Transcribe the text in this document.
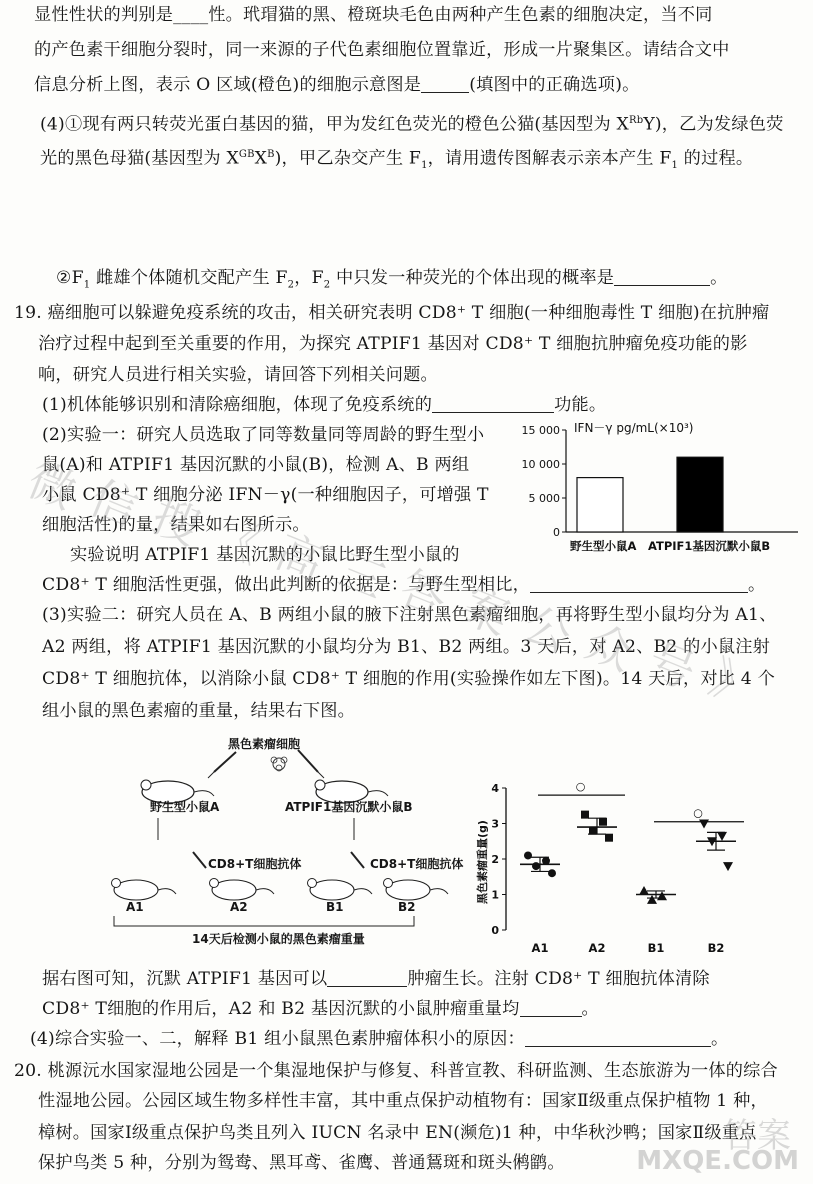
显性性状的判别是____性。玳瑁猫的黑、橙斑块毛色由两种产生色素的细胞决定，当不同
的产色素干细胞分裂时，同一来源的子代色素细胞位置靠近，形成一片聚集区。请结合文中
信息分析上图，表示 O 区域(橙色)的细胞示意图是	(填图中的正确选项)。
(4)①现有两只转荧光蛋白基因的猫，甲为发红色荧光的橙色公猫(基因型为 $X^{Rb}Y$)，乙为发绿色荧
光的黑色母猫(基因型为 $X^{GB}X^B$)，甲乙杂交产生 $F_1$，请用遗传图解表示亲本产生 $F_1$ 的过程。
$②F_1$ 雌雄个体随机交配产生 $F_2$，$F_2$ 中只发一种荧光的个体出现的概率是	。
19. 癌细胞可以躲避免疫系统的攻击，相关研究表明 CD8⁺ T 细胞(一种细胞毒性 T 细胞)在抗肿瘤
治疗过程中起到至关重要的作用，为探究 ATPIF1 基因对 CD8⁺ T 细胞抗肿瘤免疫功能的影
响，研究人员进行相关实验，请回答下列相关问题。
(1)机体能够识别和清除癌细胞，体现了免疫系统的	功能。
(2)实验一：研究人员选取了同等数量同等周龄的野生型小
鼠(A)和 ATPIF1 基因沉默的小鼠(B)，检测 A、B 两组
小鼠 CD8⁺ T 细胞分泌 IFN－γ(一种细胞因子，可增强 T
细胞活性)的量，结果如右图所示。
实验说明 ATPIF1 基因沉默的小鼠比野生型小鼠的
CD8⁺ T 细胞活性更强，做出此判断的依据是：与野生型相比，	。
IFN－γ pg/mL(×10³)
15 000
10 000
5 000
0
野生型小鼠A ATPIF1基因沉默小鼠B
(3)实验二：研究人员在 A、B 两组小鼠的腋下注射黑色素瘤细胞，再将野生型小鼠均分为 A1、
A2 两组，将 ATPIF1 基因沉默的小鼠均分为 B1、B2 两组。3 天后，对 A2、B2 的小鼠注射
CD8⁺ T 细胞抗体，以消除小鼠 CD8⁺ T 细胞的作用(实验操作如左下图)。14 天后，对比 4 个
组小鼠的黑色素瘤的重量，结果右下图。
黑色素瘤细胞
野生型小鼠A	ATPIF1基因沉默小鼠B
CD8+T细胞抗体	CD8+T细胞抗体
A1	A2	B1	B2
14天后检测小鼠的黑色素瘤重量
黑色素瘤重量(g)
0
1
2
3
4	○
○
A1	A2	B1	B2
据右图可知，沉默 ATPIF1 基因可以	肿瘤生长。注射 CD8⁺ T 细胞抗体清除
CD8⁺ T细胞的作用后，A2 和 B2 基因沉默的小鼠肿瘤重量均	。
(4)综合实验一、二，解释 B1 组小鼠黑色素肿瘤体积小的原因：	。
20. 桃源沅水国家湿地公园是一个集湿地保护与修复、科普宣教、科研监测、生态旅游为一体的综合
性湿地公园。公园区域生物多样性丰富，其中重点保护动植物有：国家Ⅱ级重点保护植物 1 种，
樟树。国家Ⅰ级重点保护鸟类且列入 IUCN 名录中 EN(濒危)1 种，中华秋沙鸭；国家Ⅱ级重点
保护鸟类 5 种，分别为鸳鸯、黑耳鸢、雀鹰、普通鵟斑和斑头鸺鹠。
微 信 搜 《 高 三 答 案 公 众 号 》
答案
MXQE.COM
